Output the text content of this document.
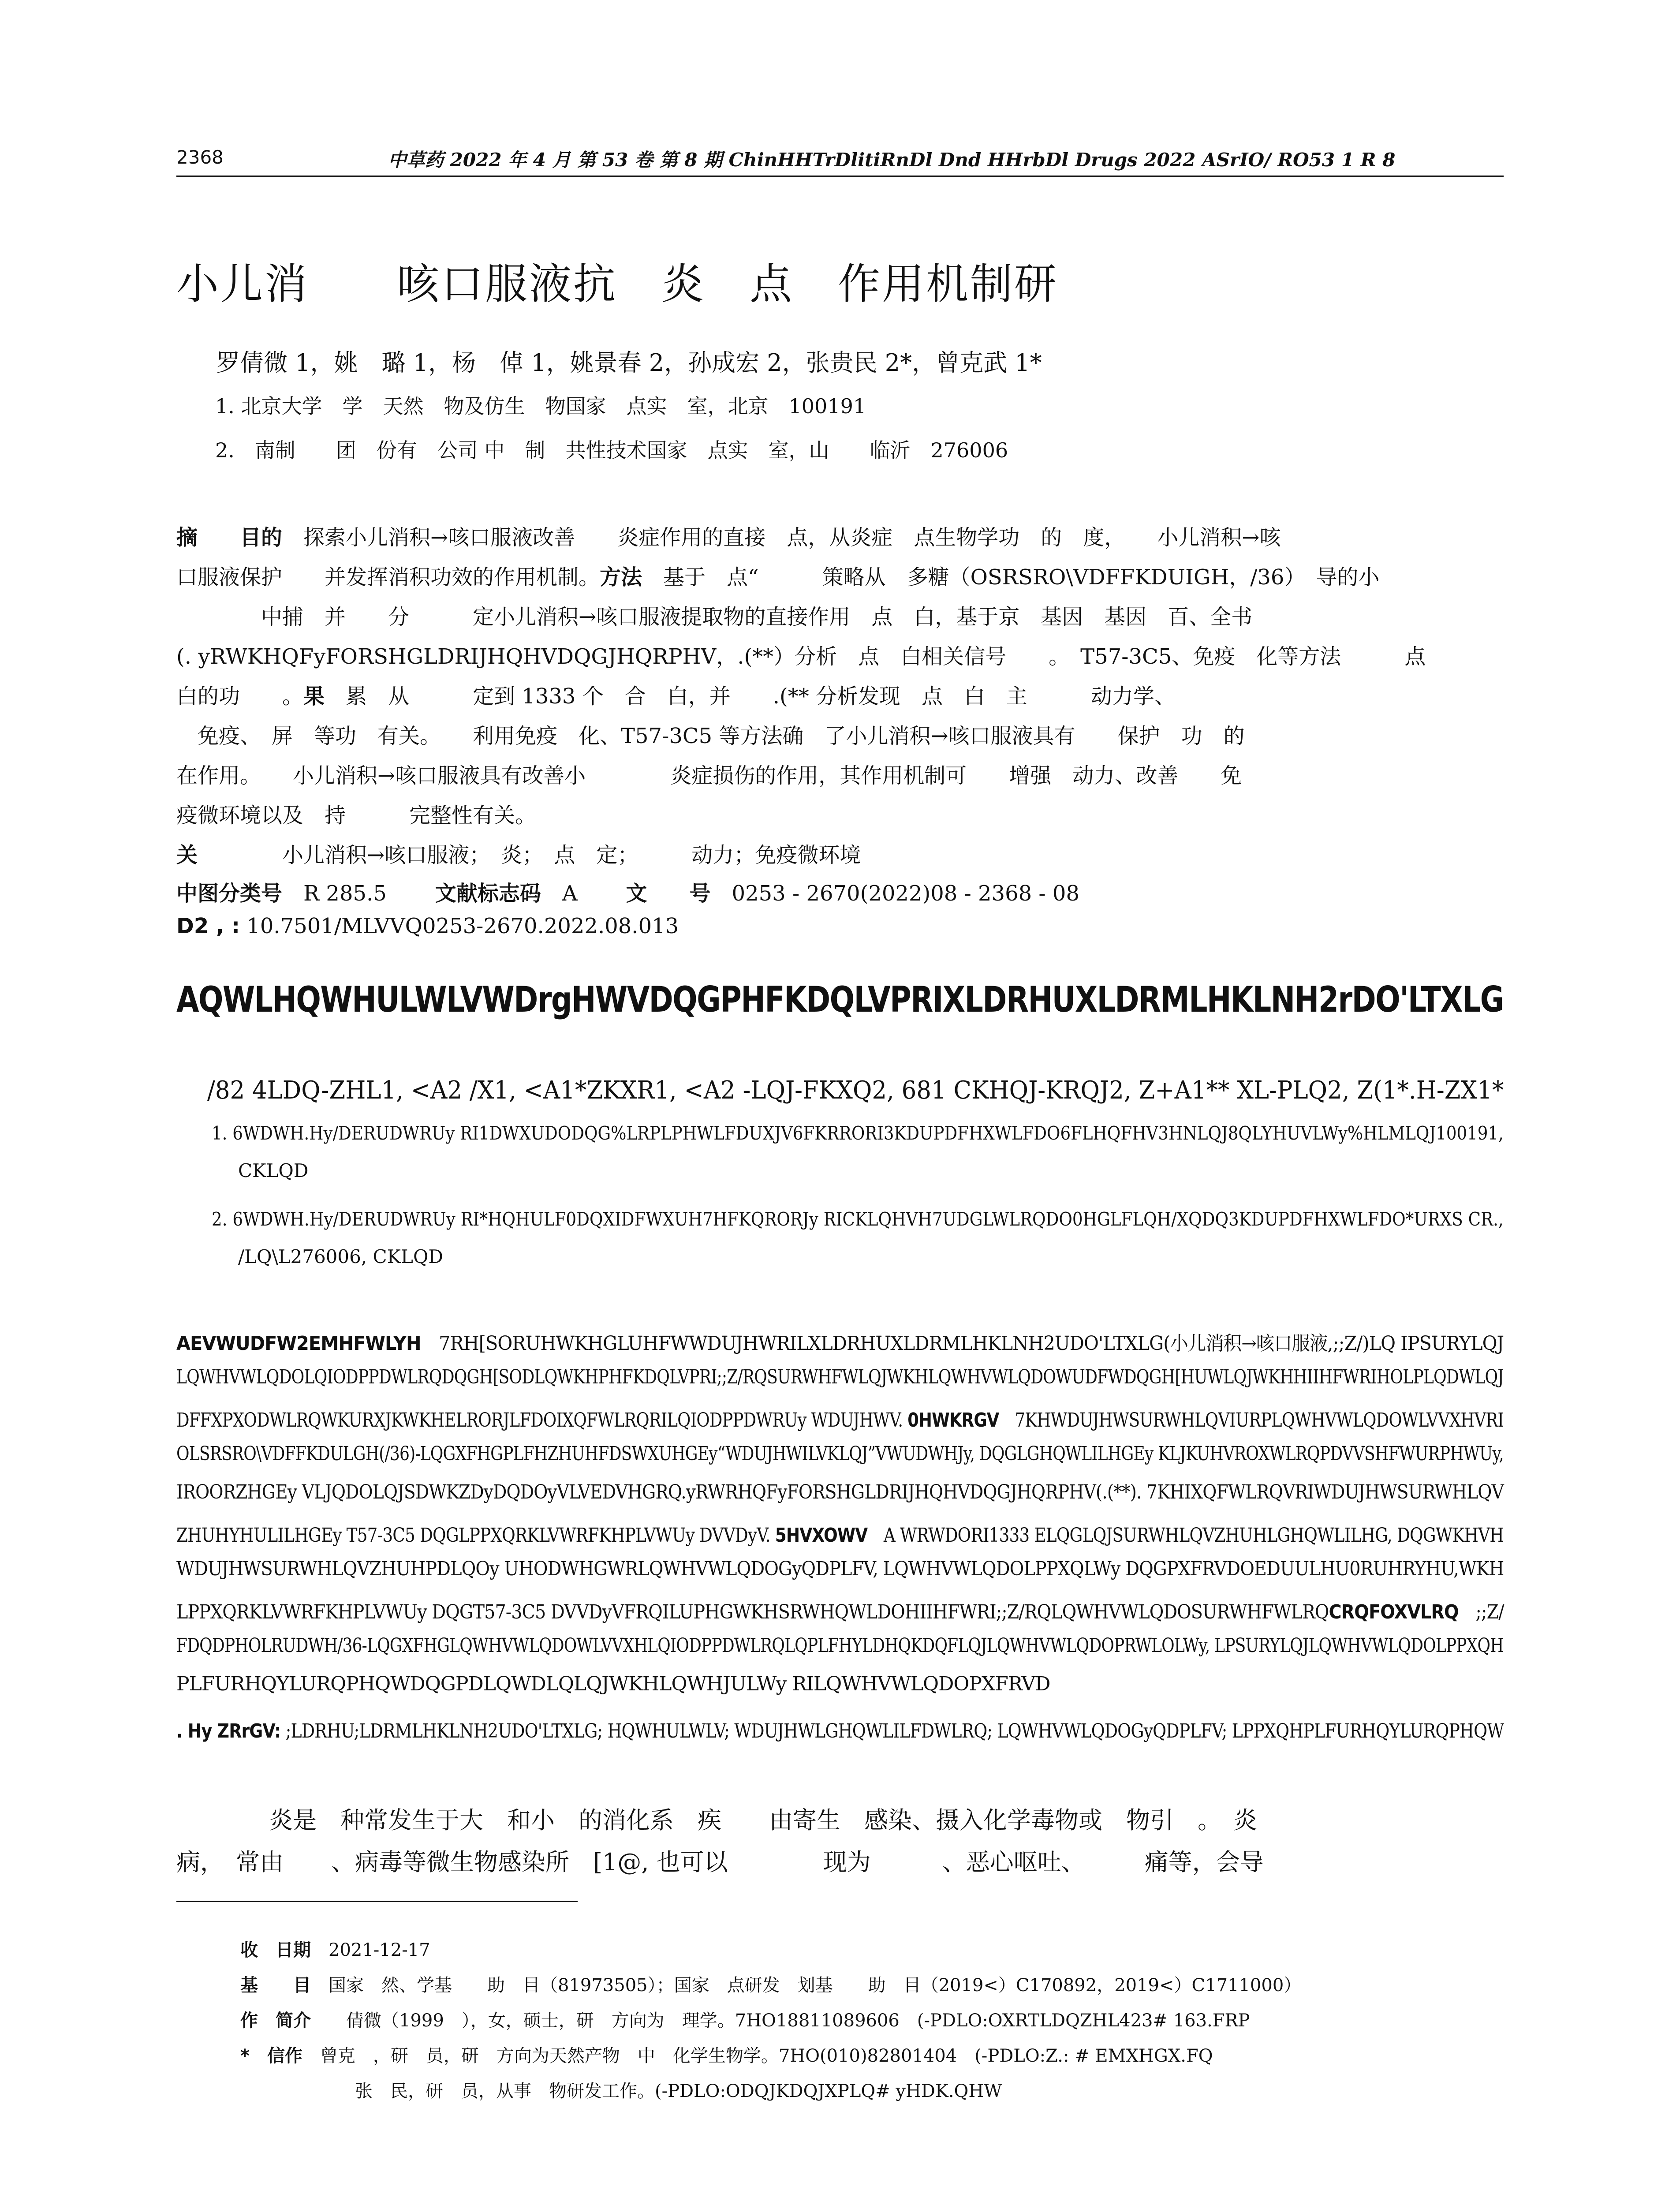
2368	中草药 2022 年 4 月 第 53 卷 第 8 期 ChinHHTrDlitiRnDl Dnd HHrbDl Drugs 2022 ASrIO/ RO53 1 R 8
小儿消　　咳口服液抗　炎　点　作用机制研
罗倩微 1，姚　璐 1，杨　倬 1，姚景春 2，孙成宏 2，张贵民 2*，曾克武 1*
1. 北京大学　学　天然　物及仿生　物国家　点实　室，北京　100191
2.　南制　　团　份有　公司 中　制　共性技术国家　点实　室，山　　临沂　276006
摘　　目的　探索小儿消积→咳口服液改善　　炎症作用的直接　点，从炎症　点生物学功　的　度，　　小儿消积→咳
口服液保护　　并发挥消积功效的作用机制。方法　基于　点“　　　策略从　多糖（OSRSRO\VDFFKDUIGH，/36）　导的小
　　　　中捕　并　　分　　　定小儿消积→咳口服液提取物的直接作用　点　白，基于京　基因　基因　百、全书
(. yRWKHQFyFORSHGLDRIJHQHVDQGJHQRPHV，.(**）分析　点　白相关信号　　。　T57-3C5、免疫　化等方法　　　点
白的功　　。果　累　从　　　定到 1333 个　合　白，并　　.(** 分析发现　点　白　主　　　动力学、
　免疫、　屏　等功　有关。　　利用免疫　化、T57-3C5 等方法确　了小儿消积→咳口服液具有　　保护　功　的
在作用。　　小儿消积→咳口服液具有改善小　　　　炎症损伤的作用，其作用机制可　　增强　动力、改善　　免
疫微环境以及　持　　　完整性有关。
关　　　　小儿消积→咳口服液；　炎；　点　定；　　　动力；免疫微环境
中图分类号　R 285.5 文献标志码　A 文　　号　0253 - 2670(2022)08 - 2368 - 08
D2 , : 10.7501/MLVVQ0253-2670.2022.08.013
AQWLHQWHULWLVWDrgHWVDQGPHFKDQLVPRIXLDRHUXLDRMLHKLNH2rDO'LTXLG
/82 4LDQ-ZHL1, <A2 /X1, <A1*ZKXR1, <A2 -LQJ-FKXQ2, 681 CKHQJ-KRQJ2, Z+A1** XL-PLQ2, Z(1*.H-ZX1*
1. 6WDWH.Hy/DERUDWRUy RI1DWXUDODQG%LRPLPHWLFDUXJV6FKRRORI3KDUPDFHXWLFDO6FLHQFHV3HNLQJ8QLYHUVLWy%HLMLQJ100191,
CKLQD
2. 6WDWH.Hy/DERUDWRUy RI*HQHULF0DQXIDFWXUH7HFKQRORJy RICKLQHVH7UDGLWLRQDO0HGLFLQH/XQDQ3KDUPDFHXWLFDO*URXS CR.,
/LQ\L276006, CKLQD
AEVWUDFW2EMHFWLYH　7RH[SORUHWKHGLUHFWWDUJHWRILXLDRHUXLDRMLHKLNH2UDO'LTXLG(小儿消积→咳口服液,;;Z/)LQ IPSURYLQJ
LQWHVWLQDOLQIODPPDWLRQDQGH[SODLQWKHPHFKDQLVPRI;;Z/RQSURWHFWLQJWKHLQWHVWLQDOWUDFWDQGH[HUWLQJWKHHIIHFWRIHOLPLQDWLQJ
DFFXPXODWLRQWKURXJKWKHELRORJLFDOIXQFWLRQRILQIODPPDWRUy WDUJHWV. 0HWKRGV　7KHWDUJHWSURWHLQVIURPLQWHVWLQDOWLVVXHVRI
OLSRSRO\VDFFKDULGH(/36)-LQGXFHGPLFHZHUHFDSWXUHGEy“WDUJHWILVKLQJ”VWUDWHJy, DQGLGHQWLILHGEy KLJKUHVROXWLRQPDVVSHFWURPHWUy,
IROORZHGEy VLJQDOLQJSDWKZDyDQDOyVLVEDVHGRQ.yRWRHQFyFORSHGLDRIJHQHVDQGJHQRPHV(.(**). 7KHIXQFWLRQVRIWDUJHWSURWHLQV
ZHUHYHULILHGEy T57-3C5 DQGLPPXQRKLVWRFKHPLVWUy DVVDyV. 5HVXOWV　A WRWDORI1333 ELQGLQJSURWHLQVZHUHLGHQWLILHG, DQGWKHVH
WDUJHWSURWHLQVZHUHPDLQOy UHODWHGWRLQWHVWLQDOGyQDPLFV, LQWHVWLQDOLPPXQLWy DQGPXFRVDOEDUULHU0RUHRYHU,WKH
LPPXQRKLVWRFKHPLVWUy DQGT57-3C5 DVVDyVFRQILUPHGWKHSRWHQWLDOHIIHFWRI;;Z/RQLQWHVWLQDOSURWHFWLRQCRQFOXVLRQ　;;Z/
FDQDPHOLRUDWH/36-LQGXFHGLQWHVWLQDOWLVVXHLQIODPPDWLRQLQPLFHYLDHQKDQFLQJLQWHVWLQDOPRWLOLWy, LPSURYLQJLQWHVWLQDOLPPXQH
PLFURHQYLURQPHQWDQGPDLQWDLQLQJWKHLQWHJULWy RILQWHVWLQDOPXFRVD
. Hy ZRrGV: ;LDRHU;LDRMLHKLNH2UDO'LTXLG; HQWHULWLV; WDUJHWLGHQWLILFDWLRQ; LQWHVWLQDOGyQDPLFV; LPPXQHPLFURHQYLURQPHQW
炎是　种常发生于大　和小　的消化系　疾　　由寄生　感染、摄入化学毒物或　物引　。　炎
病，　常由　　、病毒等微生物感染所　[1@, 也可以　　　　现为　　　、恶心呕吐、　　　痛等，会导
收　日期　2021-12-17
基　　目　国家　然、学基　　助　目（81973505）；国家　点研发　划基　　助　目（2019<）C170892，2019<）C1711000）
作　简介　　倩微（1999　），女，硕士，研　方向为　理学。7HO18811089606　(-PDLO:OXRTLDQZHL423# 163.FRP
*　信作　曾克　，研　员，研　方向为天然产物　中　化学生物学。7HO(010)82801404　(-PDLO:Z.: # EMXHGX.FQ
张　民，研　员，从事　物研发工作。(-PDLO:ODQJKDQJXPLQ# yHDK.QHW
